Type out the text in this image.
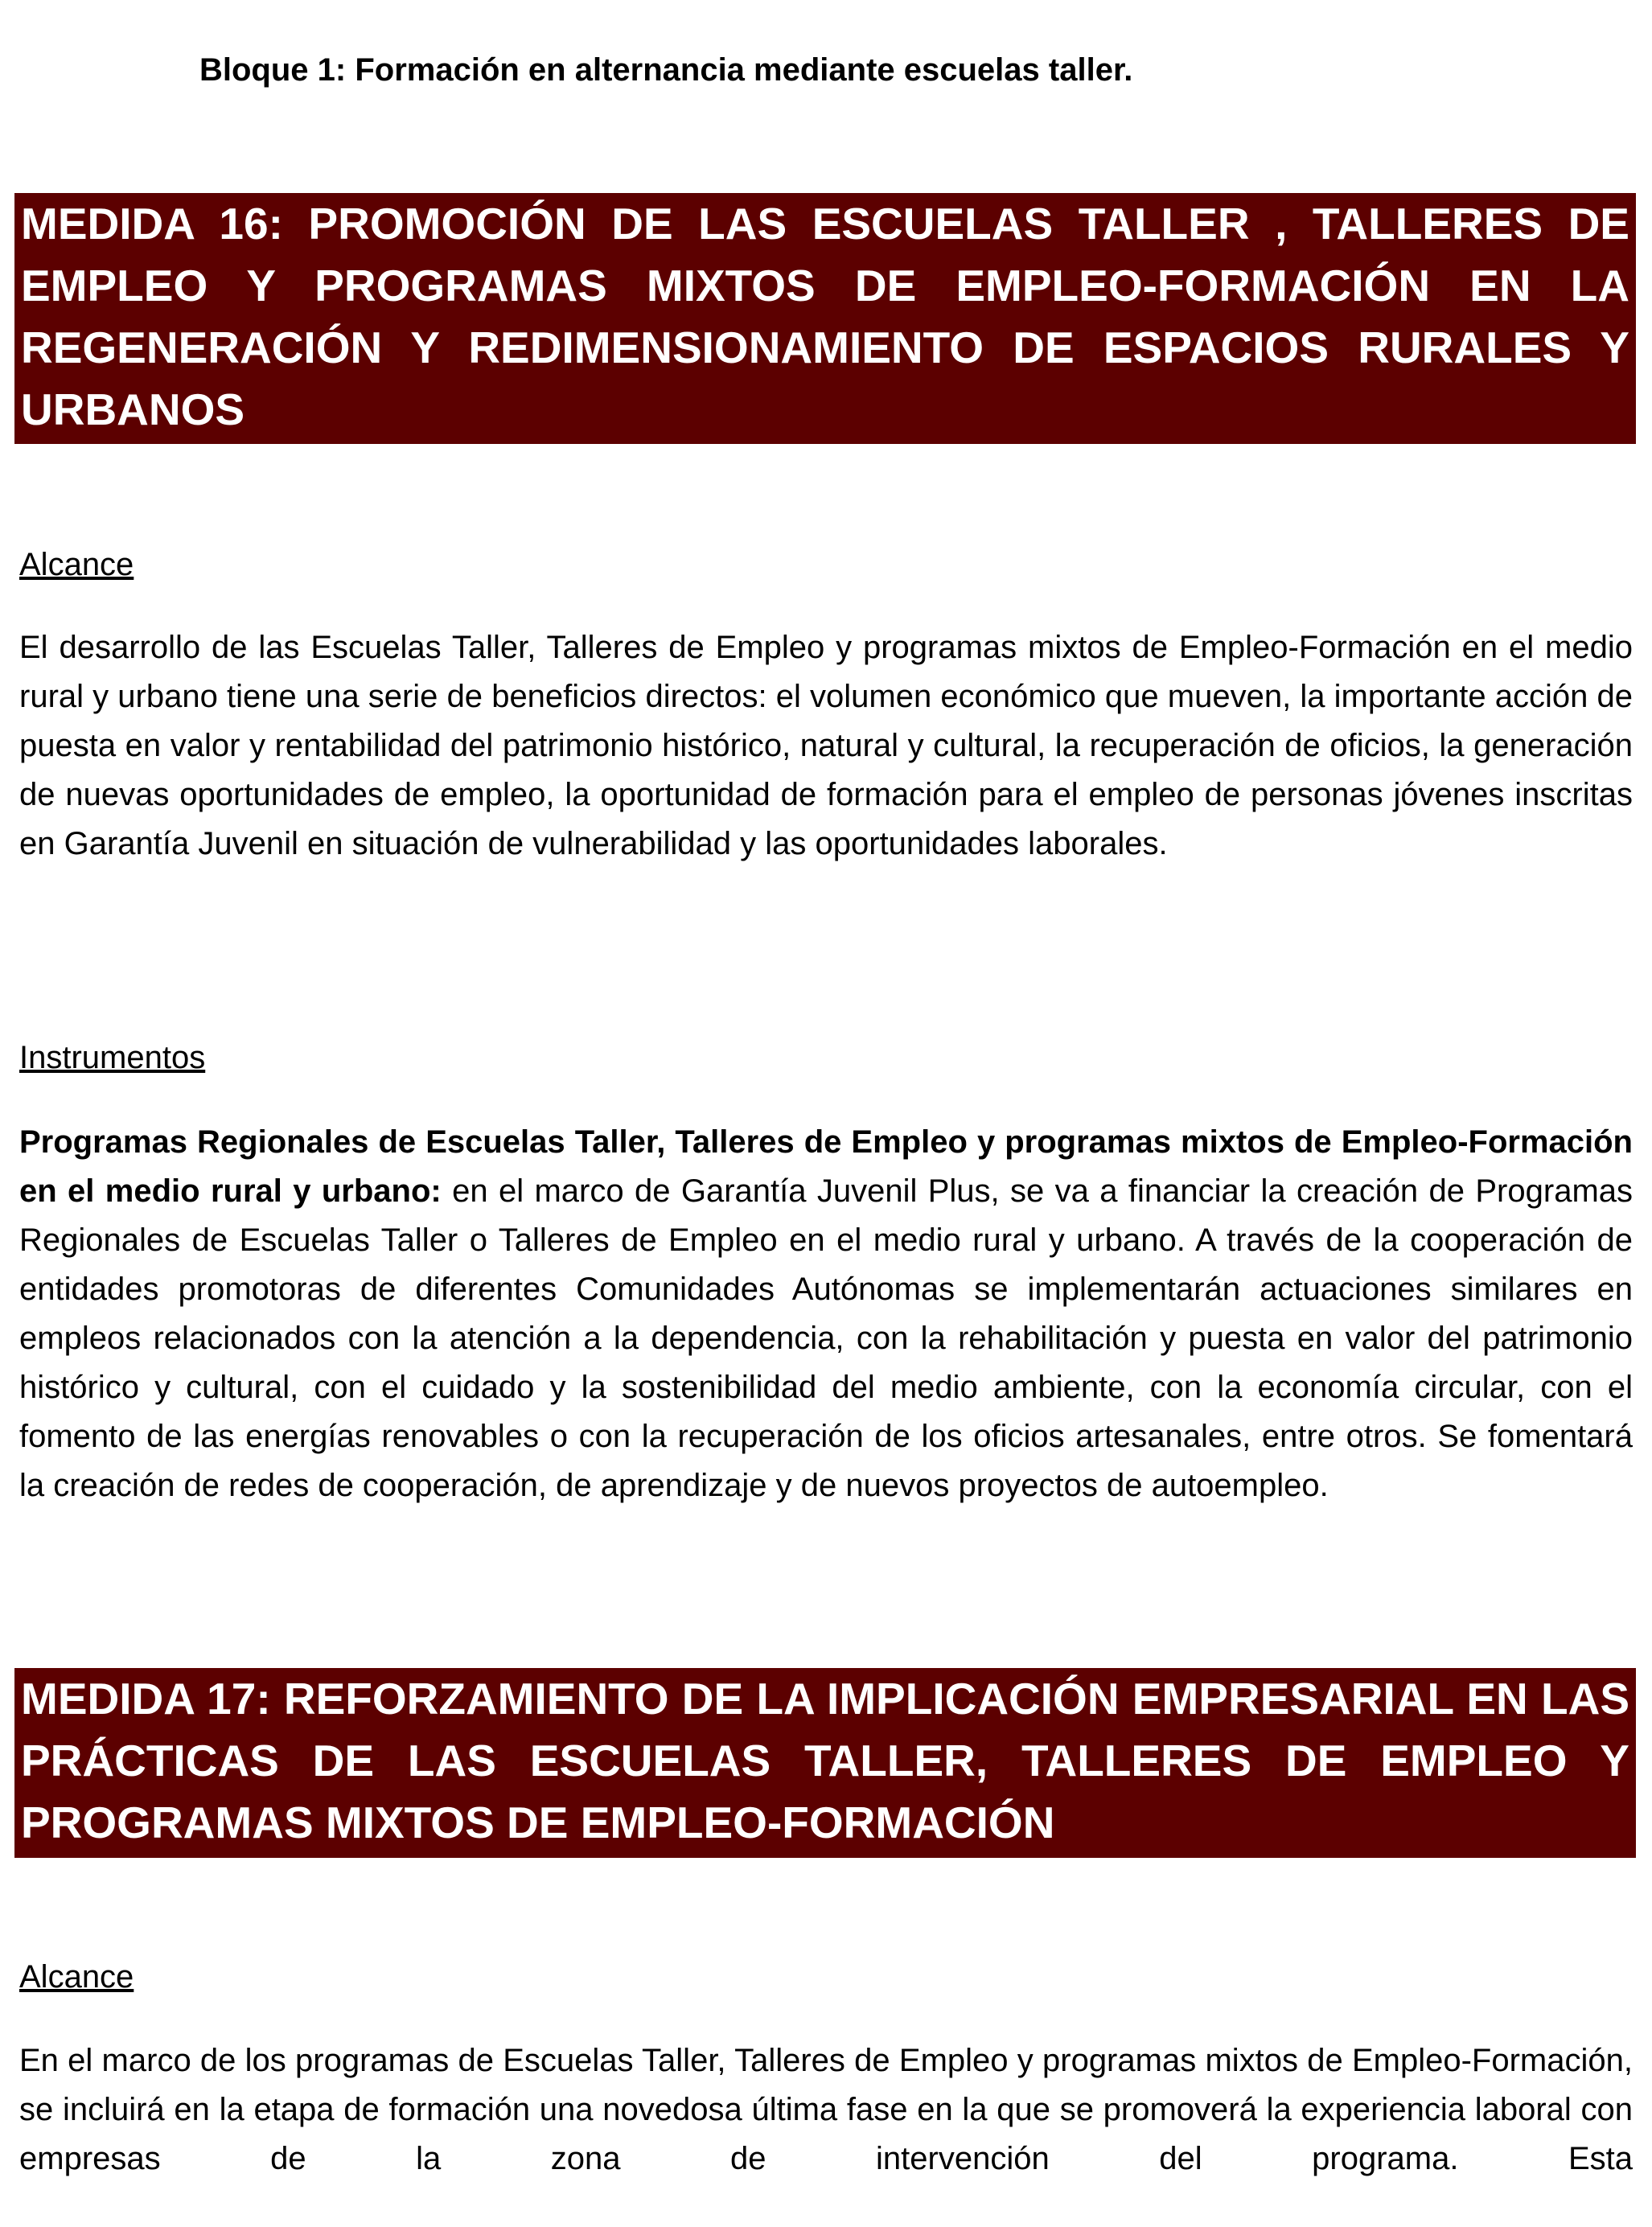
Bloque 1: Formación en alternancia mediante escuelas taller.
MEDIDA 16: PROMOCIÓN DE LAS ESCUELAS TALLER , TALLERES DE EMPLEO Y PROGRAMAS MIXTOS DE EMPLEO-FORMACIÓN EN LA REGENERACIÓN Y REDIMENSIONAMIENTO DE ESPACIOS RURALES Y URBANOS
Alcance
El desarrollo de las Escuelas Taller, Talleres de Empleo y programas mixtos de Empleo-Formación en el medio rural y urbano tiene una serie de beneficios directos: el volumen económico que mueven, la importante acción de puesta en valor y rentabilidad del patrimonio histórico, natural y cultural, la recuperación de oficios, la generación de nuevas oportunidades de empleo, la oportunidad de formación para el empleo de personas jóvenes inscritas en Garantía Juvenil en situación de vulnerabilidad y las oportunidades laborales.
Instrumentos
Programas Regionales de Escuelas Taller, Talleres de Empleo y programas mixtos de Empleo-Formación en el medio rural y urbano: en el marco de Garantía Juvenil Plus, se va a financiar la creación de Programas Regionales de Escuelas Taller o Talleres de Empleo en el medio rural y urbano. A través de la cooperación de entidades promotoras de diferentes Comunidades Autónomas se implementarán actuaciones similares en empleos relacionados con la atención a la dependencia, con la rehabilitación y puesta en valor del patrimonio histórico y cultural, con el cuidado y la sostenibilidad del medio ambiente, con la economía circular, con el fomento de las energías renovables o con la recuperación de los oficios artesanales, entre otros. Se fomentará la creación de redes de cooperación, de aprendizaje y de nuevos proyectos de autoempleo.
MEDIDA 17: REFORZAMIENTO DE LA IMPLICACIÓN EMPRESARIAL EN LAS PRÁCTICAS DE LAS ESCUELAS TALLER, TALLERES DE EMPLEO Y PROGRAMAS MIXTOS DE EMPLEO-FORMACIÓN
Alcance
En el marco de los programas de Escuelas Taller, Talleres de Empleo y programas mixtos de Empleo-Formación, se incluirá en la etapa de formación una novedosa última fase en la que se promoverá la experiencia laboral con empresas de la zona de intervención del programa. Esta
